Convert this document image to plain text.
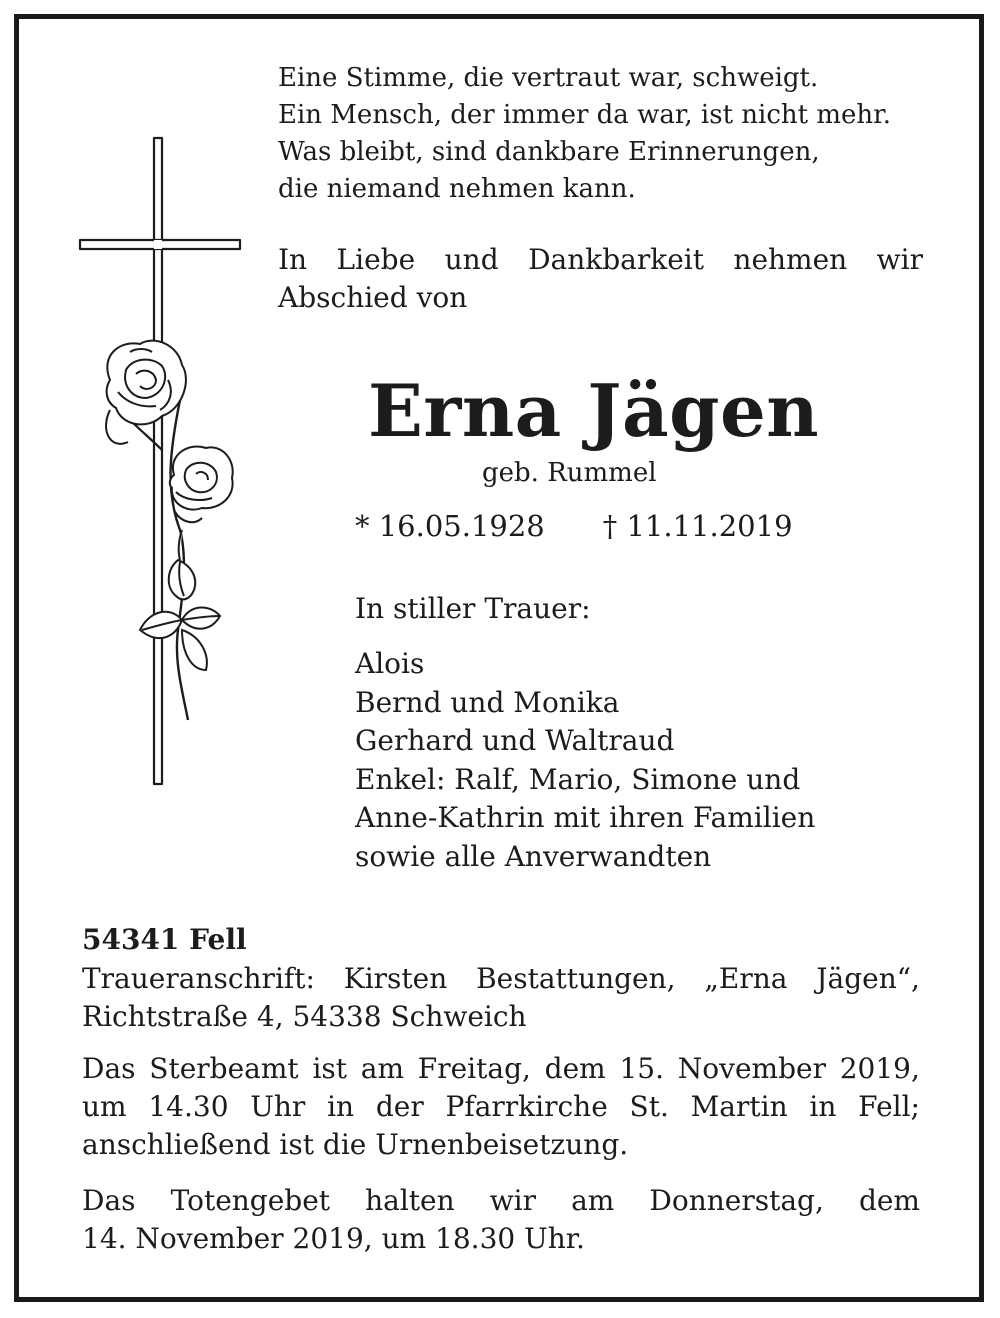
Eine Stimme, die vertraut war, schweigt.
Ein Mensch, der immer da war, ist nicht mehr.
Was bleibt, sind dankbare Erinnerungen,
die niemand nehmen kann.
In Liebe und Dankbarkeit nehmen wir
Abschied von
Erna Jägen
geb. Rummel
* 16.05.1928 † 11.11.2019
In stiller Trauer:
Alois
Bernd und Monika
Gerhard und Waltraud
Enkel: Ralf, Mario, Simone und
Anne-Kathrin mit ihren Familien
sowie alle Anverwandten
54341 Fell
Traueranschrift: Kirsten Bestattungen, „Erna Jägen“,
Richtstraße 4, 54338 Schweich
Das Sterbeamt ist am Freitag, dem 15. November 2019,
um 14.30 Uhr in der Pfarrkirche St. Martin in Fell;
anschließend ist die Urnenbeisetzung.
Das Totengebet halten wir am Donnerstag, dem
14. November 2019, um 18.30 Uhr.
